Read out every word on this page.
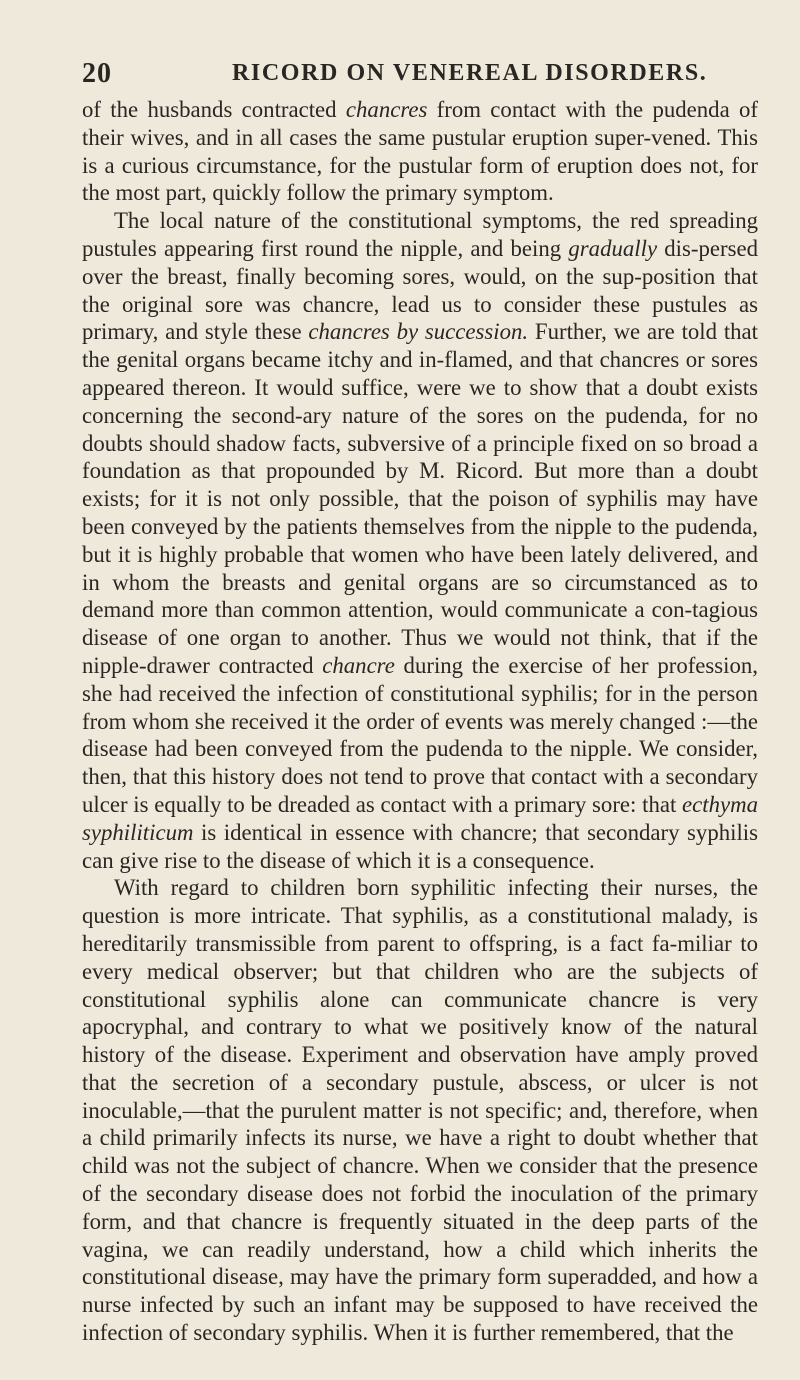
20	RICORD ON VENEREAL DISORDERS.

of the husbands contracted chancres from contact with the pudenda of their wives, and in all cases the same pustular eruption super-vened. This is a curious circumstance, for the pustular form of eruption does not, for the most part, quickly follow the primary symptom.

The local nature of the constitutional symptoms, the red spreading pustules appearing first round the nipple, and being gradually dis-persed over the breast, finally becoming sores, would, on the sup-position that the original sore was chancre, lead us to consider these pustules as primary, and style these chancres by succession. Further, we are told that the genital organs became itchy and in-flamed, and that chancres or sores appeared thereon. It would suffice, were we to show that a doubt exists concerning the second-ary nature of the sores on the pudenda, for no doubts should shadow facts, subversive of a principle fixed on so broad a foundation as that propounded by M. Ricord. But more than a doubt exists; for it is not only possible, that the poison of syphilis may have been conveyed by the patients themselves from the nipple to the pudenda, but it is highly probable that women who have been lately delivered, and in whom the breasts and genital organs are so circumstanced as to demand more than common attention, would communicate a con-tagious disease of one organ to another. Thus we would not think, that if the nipple-drawer contracted chancre during the exercise of her profession, she had received the infection of constitutional syphilis; for in the person from whom she received it the order of events was merely changed :—the disease had been conveyed from the pudenda to the nipple. We consider, then, that this history does not tend to prove that contact with a secondary ulcer is equally to be dreaded as contact with a primary sore: that ecthyma syphiliticum is identical in essence with chancre; that secondary syphilis can give rise to the disease of which it is a consequence.

With regard to children born syphilitic infecting their nurses, the question is more intricate. That syphilis, as a constitutional malady, is hereditarily transmissible from parent to offspring, is a fact fa-miliar to every medical observer; but that children who are the subjects of constitutional syphilis alone can communicate chancre is very apocryphal, and contrary to what we positively know of the natural history of the disease. Experiment and observation have amply proved that the secretion of a secondary pustule, abscess, or ulcer is not inoculable,—that the purulent matter is not specific; and, therefore, when a child primarily infects its nurse, we have a right to doubt whether that child was not the subject of chancre. When we consider that the presence of the secondary disease does not forbid the inoculation of the primary form, and that chancre is frequently situated in the deep parts of the vagina, we can readily understand, how a child which inherits the constitutional disease, may have the primary form superadded, and how a nurse infected by such an infant may be supposed to have received the infection of secondary syphilis. When it is further remembered, that the
